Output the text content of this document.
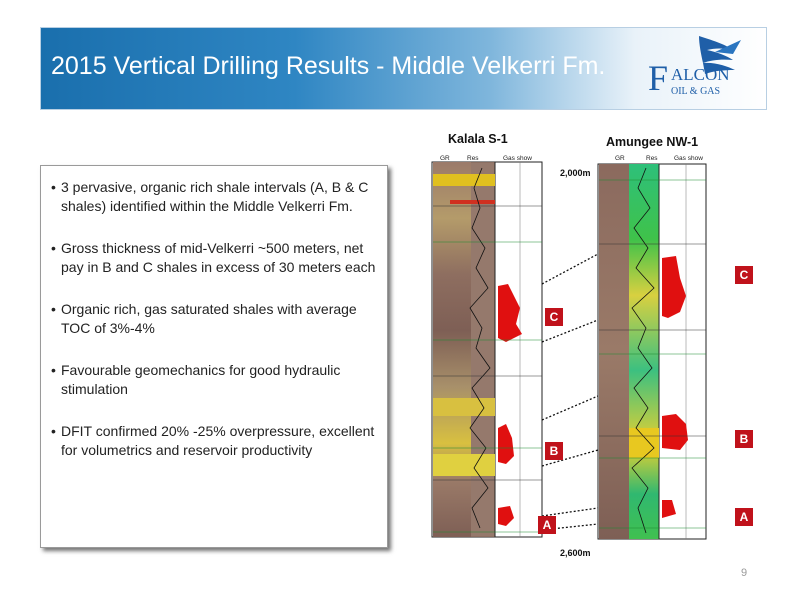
2015 Vertical Drilling Results - Middle Velkerri Fm. F ALCON
OIL & GAS
• 3 pervasive, organic rich shale intervals (A, B & C shales) identified within the Middle Velkerri Fm.
• Gross thickness of mid-Velkerri ~500 meters, net pay in B and C shales in excess of 30 meters each
• Organic rich, gas saturated shales with average TOC of 3%-4%
• Favourable geomechanics for good hydraulic stimulation
• DFIT confirmed 20% -25% overpressure, excellent for volumetrics and reservoir productivity
Kalala S-1	Amungee NW-1
GR	Res	Gas show	GR	Res	Gas show
2,000m
2,600m
C
B
A
C
B
A
9
